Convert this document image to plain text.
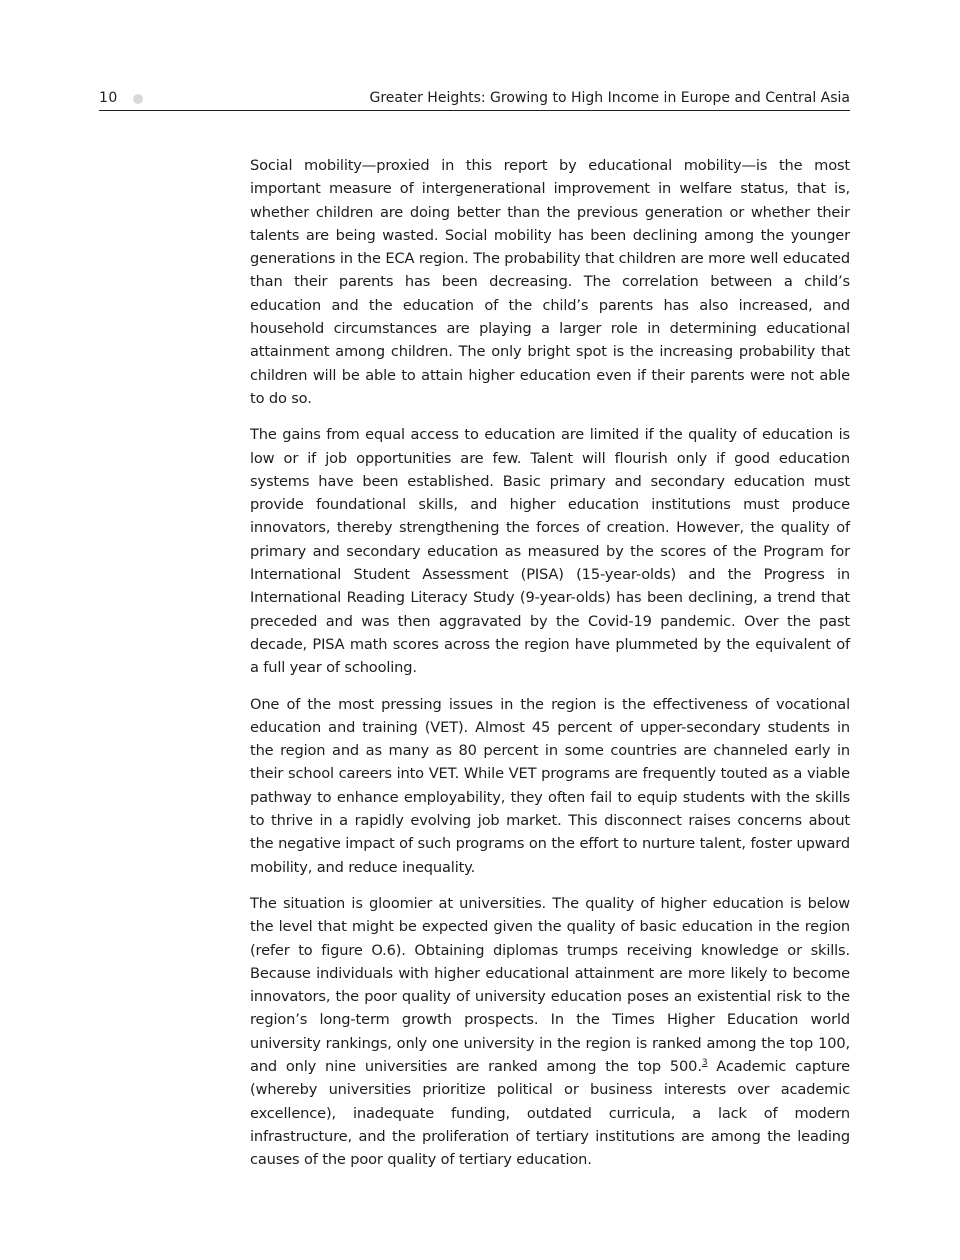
10	Greater Heights: Growing to High Income in Europe and Central Asia

Social mobility—proxied in this report by educational mobility—is the most important measure of intergenerational improvement in welfare status, that is, whether children are doing better than the previous generation or whether their talents are being wasted. Social mobility has been declining among the younger generations in the ECA region. The probability that children are more well educated than their parents has been decreasing. The correlation between a child’s education and the education of the child’s parents has also increased, and household circumstances are playing a larger role in determining educational attainment among children. The only bright spot is the increasing probability that children will be able to attain higher education even if their parents were not able to do so.

The gains from equal access to education are limited if the quality of education is low or if job opportunities are few. Talent will flourish only if good education systems have been established. Basic primary and secondary education must provide foundational skills, and higher education institutions must produce innovators, thereby strengthening the forces of creation. However, the quality of primary and secondary education as measured by the scores of the Program for International Student Assessment (PISA) (15-year-olds) and the Progress in International Reading Literacy Study (9-year-olds) has been declining, a trend that preceded and was then aggravated by the Covid-19 pandemic. Over the past decade, PISA math scores across the region have plummeted by the equivalent of a full year of schooling.

One of the most pressing issues in the region is the effectiveness of vocational education and training (VET). Almost 45 percent of upper-secondary students in the region and as many as 80 percent in some countries are channeled early in their school careers into VET. While VET programs are frequently touted as a viable pathway to enhance employability, they often fail to equip students with the skills to thrive in a rapidly evolving job market. This disconnect raises concerns about the negative impact of such programs on the effort to nurture talent, foster upward mobility, and reduce inequality.

The situation is gloomier at universities. The quality of higher education is below the level that might be expected given the quality of basic education in the region (refer to figure O.6). Obtaining diplomas trumps receiving knowledge or skills. Because individuals with higher educational attainment are more likely to become innovators, the poor quality of university education poses an existential risk to the region’s long-term growth prospects. In the Times Higher Education world university rankings, only one university in the region is ranked among the top 100, and only nine universities are ranked among the top 500.$^3$ Academic capture (whereby universities prioritize political or business interests over academic excellence), inadequate funding, outdated curricula, a lack of modern infrastructure, and the proliferation of tertiary institutions are among the leading causes of the poor quality of tertiary education.
